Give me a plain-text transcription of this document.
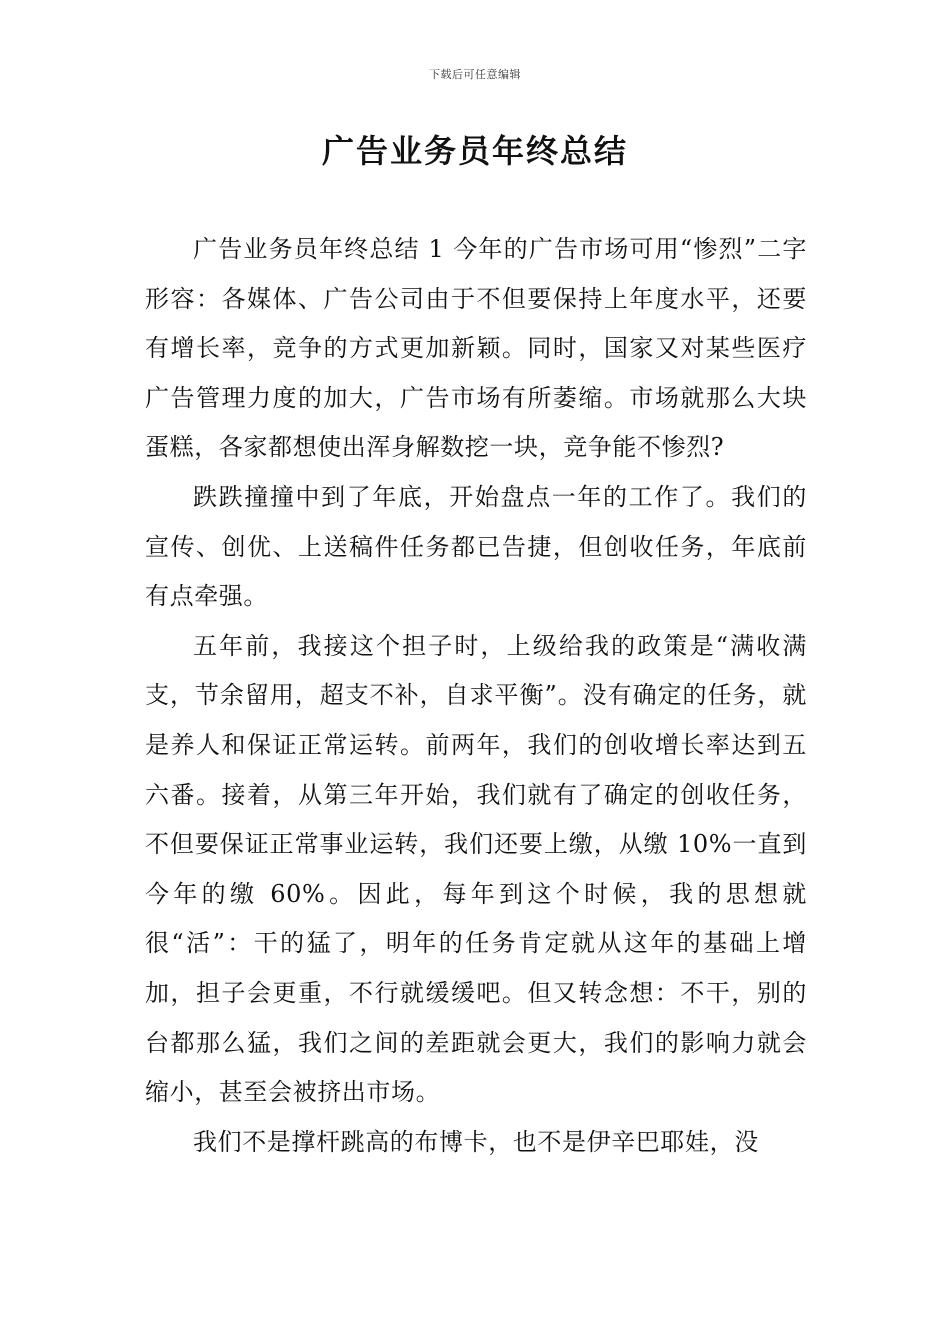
下载后可任意编辑
广告业务员年终总结

广告业务员年终总结 1 今年的广告市场可用“惨烈”二字形容：各媒体、广告公司由于不但要保持上年度水平，还要有增长率，竞争的方式更加新颖。同时，国家又对某些医疗广告管理力度的加大，广告市场有所萎缩。市场就那么大块蛋糕，各家都想使出浑身解数挖一块，竞争能不惨烈?

跌跌撞撞中到了年底，开始盘点一年的工作了。我们的宣传、创优、上送稿件任务都已告捷，但创收任务，年底前有点牵强。

五年前，我接这个担子时，上级给我的政策是“满收满支，节余留用，超支不补，自求平衡”。没有确定的任务，就是养人和保证正常运转。前两年，我们的创收增长率达到五六番。接着，从第三年开始，我们就有了确定的创收任务，不但要保证正常事业运转，我们还要上缴，从缴 10%一直到今年的缴 60%。因此，每年到这个时候，我的思想就很“活”：干的猛了，明年的任务肯定就从这年的基础上增加，担子会更重，不行就缓缓吧。但又转念想：不干，别的台都那么猛，我们之间的差距就会更大，我们的影响力就会缩小，甚至会被挤出市场。

我们不是撑杆跳高的布博卡，也不是伊辛巴耶娃，没
